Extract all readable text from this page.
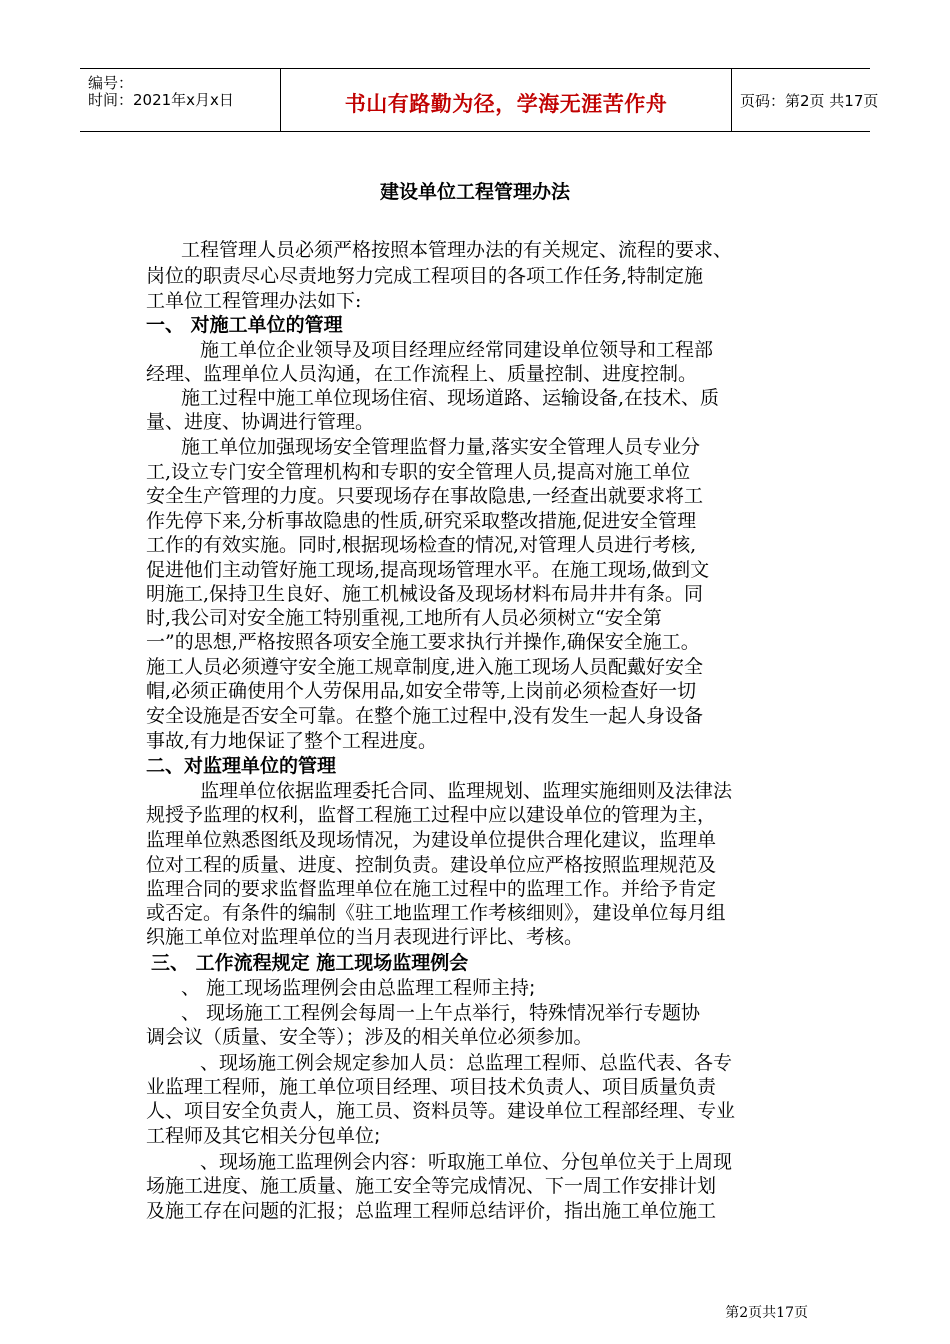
编号：
时间：2021年x月x日	书山有路勤为径，学海无涯苦作舟	页码：第2页 共17页
建设单位工程管理办法
工程管理人员必须严格按照本管理办法的有关规定、流程的要求、
岗位的职责尽心尽责地努力完成工程项目的各项工作任务,特制定施
工单位工程管理办法如下:
一、 对施工单位的管理
施工单位企业领导及项目经理应经常同建设单位领导和工程部
经理、监理单位人员沟通，在工作流程上、质量控制、进度控制。
施工过程中施工单位现场住宿、现场道路、运输设备,在技术、质
量、进度、协调进行管理。
施工单位加强现场安全管理监督力量,落实安全管理人员专业分
工,设立专门安全管理机构和专职的安全管理人员,提高对施工单位
安全生产管理的力度。只要现场存在事故隐患,一经查出就要求将工
作先停下来,分析事故隐患的性质,研究采取整改措施,促进安全管理
工作的有效实施。同时,根据现场检查的情况,对管理人员进行考核,
促进他们主动管好施工现场,提高现场管理水平。在施工现场,做到文
明施工,保持卫生良好、施工机械设备及现场材料布局井井有条。同
时,我公司对安全施工特别重视,工地所有人员必须树立“安全第
一”的思想,严格按照各项安全施工要求执行并操作,确保安全施工。
施工人员必须遵守安全施工规章制度,进入施工现场人员配戴好安全
帽,必须正确使用个人劳保用品,如安全带等,上岗前必须检查好一切
安全设施是否安全可靠。在整个施工过程中,没有发生一起人身设备
事故,有力地保证了整个工程进度。
二、对监理单位的管理
监理单位依据监理委托合同、监理规划、监理实施细则及法律法
规授予监理的权利，监督工程施工过程中应以建设单位的管理为主，
监理单位熟悉图纸及现场情况，为建设单位提供合理化建议，监理单
位对工程的质量、进度、控制负责。建设单位应严格按照监理规范及
监理合同的要求监督监理单位在施工过程中的监理工作。并给予肯定
或否定。有条件的编制《驻工地监理工作考核细则》，建设单位每月组
织施工单位对监理单位的当月表现进行评比、考核。
三、 工作流程规定 施工现场监理例会
、 施工现场监理例会由总监理工程师主持;
、 现场施工工程例会每周一上午点举行，特殊情况举行专题协
调会议（质量、安全等）；涉及的相关单位必须参加。
、现场施工例会规定参加人员：总监理工程师、总监代表、各专
业监理工程师，施工单位项目经理、项目技术负责人、项目质量负责
人、项目安全负责人，施工员、资料员等。建设单位工程部经理、专业
工程师及其它相关分包单位;
、现场施工监理例会内容：听取施工单位、分包单位关于上周现
场施工进度、施工质量、施工安全等完成情况、下一周工作安排计划
及施工存在问题的汇报；总监理工程师总结评价，指出施工单位施工
第2页共17页
